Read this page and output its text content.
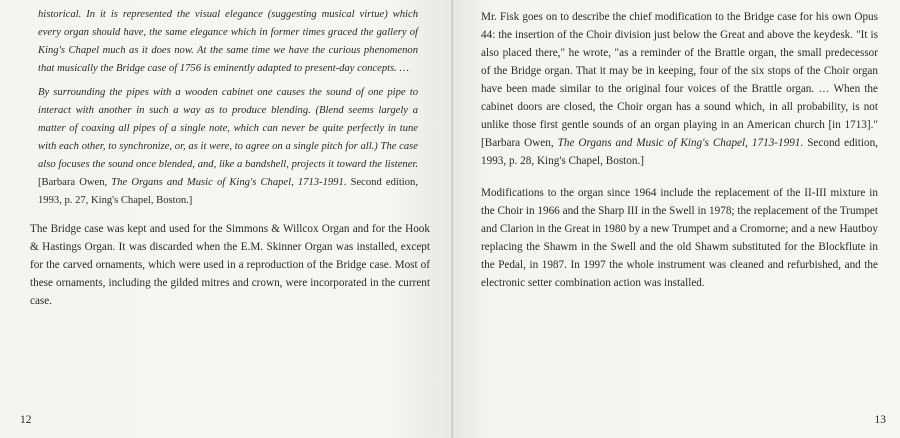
historical. In it is represented the visual elegance (suggesting musical virtue) which every organ should have, the same elegance which in former times graced the gallery of King's Chapel much as it does now. At the same time we have the curious phenomenon that musically the Bridge case of 1756 is eminently adapted to present-day concepts. …

By surrounding the pipes with a wooden cabinet one causes the sound of one pipe to interact with another in such a way as to produce blending. (Blend seems largely a matter of coaxing all pipes of a single note, which can never be quite perfectly in tune with each other, to synchronize, or, as it were, to agree on a single pitch for all.) The case also focuses the sound once blended, and, like a bandshell, projects it toward the listener. [Barbara Owen, The Organs and Music of King's Chapel, 1713-1991. Second edition, 1993, p. 27, King's Chapel, Boston.]

The Bridge case was kept and used for the Simmons & Willcox Organ and for the Hook & Hastings Organ. It was discarded when the E.M. Skinner Organ was installed, except for the carved ornaments, which were used in a reproduction of the Bridge case. Most of these ornaments, including the gilded mitres and crown, were incorporated in the current case.

12

Mr. Fisk goes on to describe the chief modification to the Bridge case for his own Opus 44: the insertion of the Choir division just below the Great and above the keydesk. "It is also placed there," he wrote, "as a reminder of the Brattle organ, the small predecessor of the Bridge organ. That it may be in keeping, four of the six stops of the Choir organ have been made similar to the original four voices of the Brattle organ. … When the cabinet doors are closed, the Choir organ has a sound which, in all probability, is not unlike those first gentle sounds of an organ playing in an American church [in 1713]." [Barbara Owen, The Organs and Music of King's Chapel, 1713-1991. Second edition, 1993, p. 28, King's Chapel, Boston.]

Modifications to the organ since 1964 include the replacement of the II-III mixture in the Choir in 1966 and the Sharp III in the Swell in 1978; the replacement of the Trumpet and Clarion in the Great in 1980 by a new Trumpet and a Cromorne; and a new Hautboy replacing the Shawm in the Swell and the old Shawm substituted for the Blockflute in the Pedal, in 1987. In 1997 the whole instrument was cleaned and refurbished, and the electronic setter combination action was installed.

13
